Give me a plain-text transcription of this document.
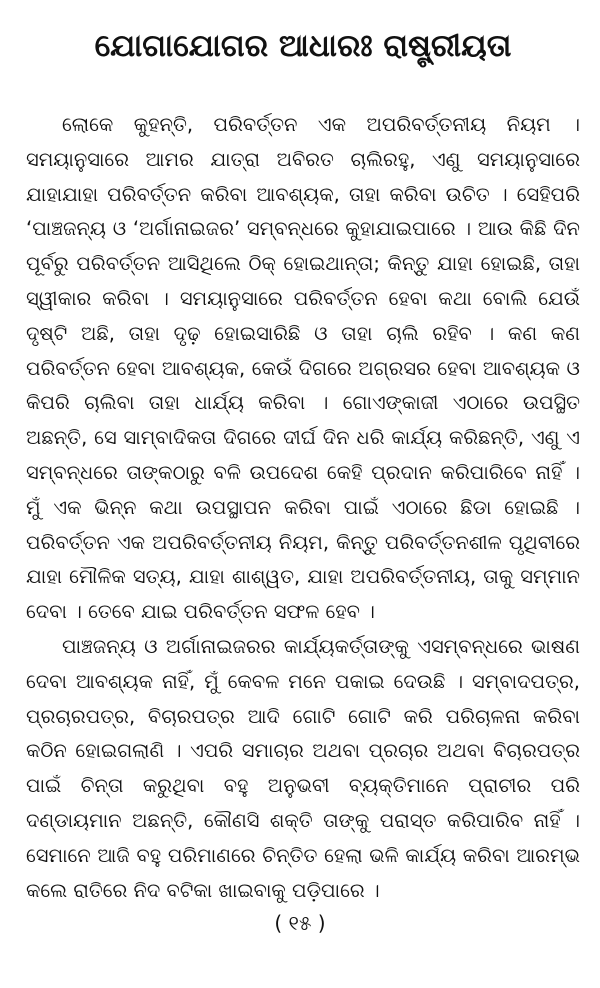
ଯୋଗାଯୋଗର ଆଧାରଃ ରାଷ୍ଟ୍ରୀୟତା

ଲୋକେ କୁହନ୍ତି, ପରିବର୍ତ୍ତନ ଏକ ଅପରିବର୍ତ୍ତନୀୟ ନିୟମ । ସମୟାନୁସାରେ ଆମର ଯାତ୍ରା ଅବିରତ ଚାଲିରହୁ, ଏଣୁ ସମୟାନୁସାରେ ଯାହାଯାହା ପରିବର୍ତ୍ତନ କରିବା ଆବଶ୍ୟକ, ତାହା କରିବା ଉଚିତ । ସେହିପରି ‘ପାଞ୍ଚଜନ୍ୟ ଓ ‘ଅର୍ଗାନାଇଜର’ ସମ୍ବନ୍ଧରେ କୁହାଯାଇପାରେ । ଆଉ କିଛି ଦିନ ପୂର୍ବରୁ ପରିବର୍ତ୍ତନ ଆସିଥିଲେ ଠିକ୍ ହୋଇଥାନ୍ତା; କିନ୍ତୁ ଯାହା ହୋଇଛି, ତାହା ସ୍ୱୀକାର କରିବା । ସମୟାନୁସାରେ ପରିବର୍ତ୍ତନ ହେବା କଥା ବୋଲି ଯେଉଁ ଦୃଷ୍ଟି ଅଛି, ତାହା ଦୃଢ଼ ହୋଇସାରିଛି ଓ ତାହା ଚାଲି ରହିବ । କଣ କଣ ପରିବର୍ତ୍ତନ ହେବା ଆବଶ୍ୟକ, କେଉଁ ଦିଗରେ ଅଗ୍ରସର ହେବା ଆବଶ୍ୟକ ଓ କିପରି ଚାଲିବା ତାହା ଧାର୍ଯ୍ୟ କରିବା । ଗୋଏଙ୍କାଜୀ ଏଠାରେ ଉପସ୍ଥିତ ଅଛନ୍ତି, ସେ ସାମ୍ବାଦିକତା ଦିଗରେ ଦୀର୍ଘ ଦିନ ଧରି କାର୍ଯ୍ୟ କରିଛନ୍ତି, ଏଣୁ ଏ ସମ୍ବନ୍ଧରେ ତାଙ୍କଠାରୁ ବଳି ଉପଦେଶ କେହି ପ୍ରଦାନ କରିପାରିବେ ନାହିଁ । ମୁଁ ଏକ ଭିନ୍ନ କଥା ଉପସ୍ଥାପନ କରିବା ପାଇଁ ଏଠାରେ ଛିଡା ହୋଇଛି । ପରିବର୍ତ୍ତନ ଏକ ଅପରିବର୍ତ୍ତନୀୟ ନିୟମ, କିନ୍ତୁ ପରିବର୍ତ୍ତନଶୀଳ ପୃଥିବୀରେ ଯାହା ମୌଳିକ ସତ୍ୟ, ଯାହା ଶାଶ୍ୱତ, ଯାହା ଅପରିବର୍ତ୍ତନୀୟ, ତାକୁ ସମ୍ମାନ ଦେବା । ତେବେ ଯାଇ ପରିବର୍ତ୍ତନ ସଫଳ ହେବ ।

ପାଞ୍ଚଜନ୍ୟ ଓ ଅର୍ଗାନାଇଜରର କାର୍ଯ୍ୟକର୍ତ୍ତାଙ୍କୁ ଏସମ୍ବନ୍ଧରେ ଭାଷଣ ଦେବା ଆବଶ୍ୟକ ନାହିଁ, ମୁଁ କେବଳ ମନେ ପକାଇ ଦେଉଛି । ସମ୍ବାଦପତ୍ର, ପ୍ରଚାରପତ୍ର, ବିଚାରପତ୍ର ଆଦି ଗୋଟି ଗୋଟି କରି ପରିଚାଳନା କରିବା କଠିନ ହୋଇଗଲାଣି । ଏପରି ସମାଚାର ଅଥବା ପ୍ରଚାର ଅଥବା ବିଚାରପତ୍ର ପାଇଁ ଚିନ୍ତା କରୁଥିବା ବହୁ ଅନୁଭବୀ ବ୍ୟକ୍ତିମାନେ ପ୍ରାଚୀର ପରି ଦଣ୍ଡାୟମାନ ଅଛନ୍ତି, କୌଣସି ଶକ୍ତି ତାଙ୍କୁ ପରାସ୍ତ କରିପାରିବ ନାହିଁ । ସେମାନେ ଆଜି ବହୁ ପରିମାଣରେ ଚିନ୍ତିତ ହେଲା ଭଳି କାର୍ଯ୍ୟ କରିବା ଆରମ୍ଭ କଲେ ରାତିରେ ନିଦ ବଟିକା ଖାଇବାକୁ ପଡ଼ିପାରେ ।

( ୧୫ )
